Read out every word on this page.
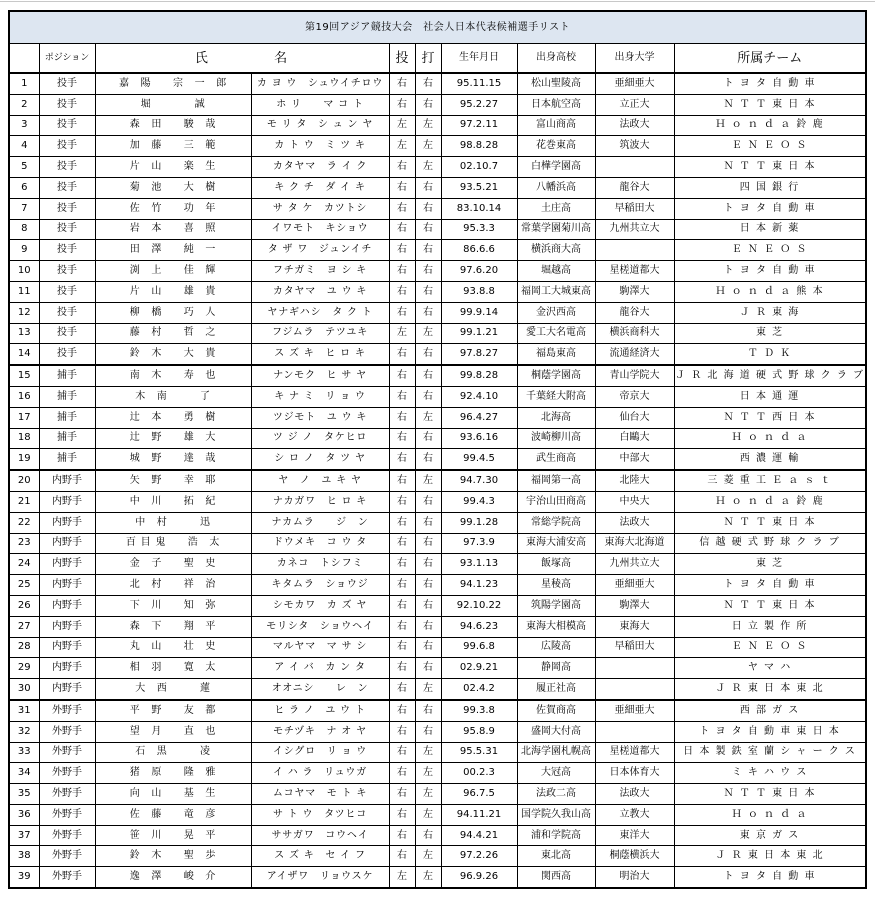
第19回アジア競技大会　社会人日本代表候補選手リスト									
	ポジション	氏 名		投	打	生年月日	出身高校	出身大学	所属チーム
1	投手	嘉　陽　　宗　一　郎	カ ヨ ウ　シュウイチロウ	右	右	95.11.15	松山聖陵高	亜細亜大	ト ヨ タ 自 動 車
2	投手	堀　　　　誠	ホ リ　　マ コ ト	右	右	95.2.27	日本航空高	立正大	Ｎ Ｔ Ｔ 東 日 本
3	投手	森　田　　駿　哉	モ リ タ　シ ュ ン ヤ	左	左	97.2.11	富山商高	法政大	Ｈ ｏ ｎ ｄ ａ 鈴 鹿
4	投手	加　藤　　三　範	カ ト ウ　ミ ツ キ	左	左	98.8.28	花巻東高	筑波大	Ｅ Ｎ Ｅ Ｏ Ｓ
5	投手	片　山　　楽　生	カタヤマ　ラ イ ク	右	左	02.10.7	白樺学園高		Ｎ Ｔ Ｔ 東 日 本
6	投手	菊　池　　大　樹	キ ク チ　ダ イ キ	右	右	93.5.21	八幡浜高	龍谷大	四 国 銀 行
7	投手	佐　竹　　功　年	サ タ ケ　カツトシ	右	右	83.10.14	土庄高	早稲田大	ト ヨ タ 自 動 車
8	投手	岩　本　　喜　照	イワモト　キショウ	右	右	95.3.3	常葉学園菊川高	九州共立大	日 本 新 薬
9	投手	田　澤　　純　一	タ ザ ワ　ジュンイチ	右	右	86.6.6	横浜商大高		Ｅ Ｎ Ｅ Ｏ Ｓ
10	投手	渕　上　　佳　輝	フチガミ　ヨ シ キ	右	右	97.6.20	堀越高	星槎道都大	ト ヨ タ 自 動 車
11	投手	片　山　　雄　貴	カタヤマ　ユ ウ キ	右	右	93.8.8	福岡工大城東高	駒澤大	Ｈ ｏ ｎ ｄ ａ 熊 本
12	投手	柳　橋　　巧　人	ヤナギハシ　タ ク ト	右	右	99.9.14	金沢西高	龍谷大	Ｊ Ｒ 東 海
13	投手	藤　村　　哲　之	フジムラ　テツユキ	左	左	99.1.21	愛工大名電高	横浜商科大	東 芝
14	投手	鈴　木　　大　貴	ス ズ キ　ヒ ロ キ	右	右	97.8.27	福島東高	流通経済大	Ｔ Ｄ Ｋ
15	捕手	南　木　　寿　也	ナンモク　ヒ サ ヤ	右	右	99.8.28	桐蔭学園高	青山学院大	Ｊ Ｒ 北 海 道 硬 式 野 球 ク ラ ブ
16	捕手	木　南　　　了	キ ナ ミ　リ ョ ウ	右	右	92.4.10	千葉経大附高	帝京大	日 本 通 運
17	捕手	辻　本　　勇　樹	ツジモト　ユ ウ キ	右	左	96.4.27	北海高	仙台大	Ｎ Ｔ Ｔ 西 日 本
18	捕手	辻　野　　雄　大	ツ ジ ノ　タケヒロ	右	右	93.6.16	波崎柳川高	白鷗大	Ｈ ｏ ｎ ｄ ａ
19	捕手	城　野　　達　哉	シ ロ ノ　タ ツ ヤ	右	右	99.4.5	武生商高	中部大	西 濃 運 輸
20	内野手	矢　野　　幸　耶	ヤ　ノ　ユ キ ヤ	右	左	94.7.30	福岡第一高	北陸大	三 菱 重 工 Ｅ ａ ｓ ｔ
21	内野手	中　川　　拓　紀	ナカガワ　ヒ ロ キ	右	右	99.4.3	宇治山田商高	中央大	Ｈ ｏ ｎ ｄ ａ 鈴 鹿
22	内野手	中　村　　　迅	ナカムラ　　ジ　ン	右	右	99.1.28	常総学院高	法政大	Ｎ Ｔ Ｔ 東 日 本
23	内野手	百 目 鬼　　浩　太	ドウメキ　コ ウ タ	右	右	97.3.9	東海大浦安高	東海大北海道	信 越 硬 式 野 球 ク ラ ブ
24	内野手	金　子　　聖　史	カネコ　トシフミ	右	右	93.1.13	飯塚高	九州共立大	東 芝
25	内野手	北　村　　祥　治	キタムラ　ショウジ	右	右	94.1.23	星稜高	亜細亜大	ト ヨ タ 自 動 車
26	内野手	下　川　　知　弥	シモカワ　カ ズ ヤ	右	右	92.10.22	筑陽学園高	駒澤大	Ｎ Ｔ Ｔ 東 日 本
27	内野手	森　下　　翔　平	モリシタ　ショウヘイ	右	右	94.6.23	東海大相模高	東海大	日 立 製 作 所
28	内野手	丸　山　　壮　史	マルヤマ　マ サ シ	右	右	99.6.8	広陵高	早稲田大	Ｅ Ｎ Ｅ Ｏ Ｓ
29	内野手	相　羽　　寛　太	ア イ バ　カ ン タ	右	右	02.9.21	静岡高		ヤ マ ハ
30	内野手	大　西　　　蓮	オオニシ　　レ　ン	右	左	02.4.2	履正社高		Ｊ Ｒ 東 日 本 東 北
31	外野手	平　野　　友　都	ヒ ラ ノ　ユ ウ ト	右	右	99.3.8	佐賀商高	亜細亜大	西 部 ガ ス
32	外野手	望　月　　直　也	モチヅキ　ナ オ ヤ	右	右	95.8.9	盛岡大付高		ト ヨ タ 自 動 車 東 日 本
33	外野手	石　黒　　　凌	イシグロ　リ ョ ウ	右	左	95.5.31	北海学園札幌高	星槎道都大	日 本 製 鉄 室 蘭 シ ャ ー ク ス
34	外野手	猪　原　　隆　雅	イ ハ ラ　リュウガ	右	左	00.2.3	大冠高	日本体育大	ミ キ ハ ウ ス
35	外野手	向　山　　基　生	ムコヤマ　モ ト キ	右	左	96.7.5	法政二高	法政大	Ｎ Ｔ Ｔ 東 日 本
36	外野手	佐　藤　　竜　彦	サ ト ウ　タツヒコ	右	左	94.11.21	国学院久我山高	立教大	Ｈ ｏ ｎ ｄ ａ
37	外野手	笹　川　　晃　平	ササガワ　コウヘイ	右	右	94.4.21	浦和学院高	東洋大	東 京 ガ ス
38	外野手	鈴　木　　聖　歩	ス ズ キ　セ イ フ	右	左	97.2.26	東北高	桐蔭横浜大	Ｊ Ｒ 東 日 本 東 北
39	外野手	逸　澤　　峻　介	アイザワ　リョウスケ	左	左	96.9.26	関西高	明治大	ト ヨ タ 自 動 車
